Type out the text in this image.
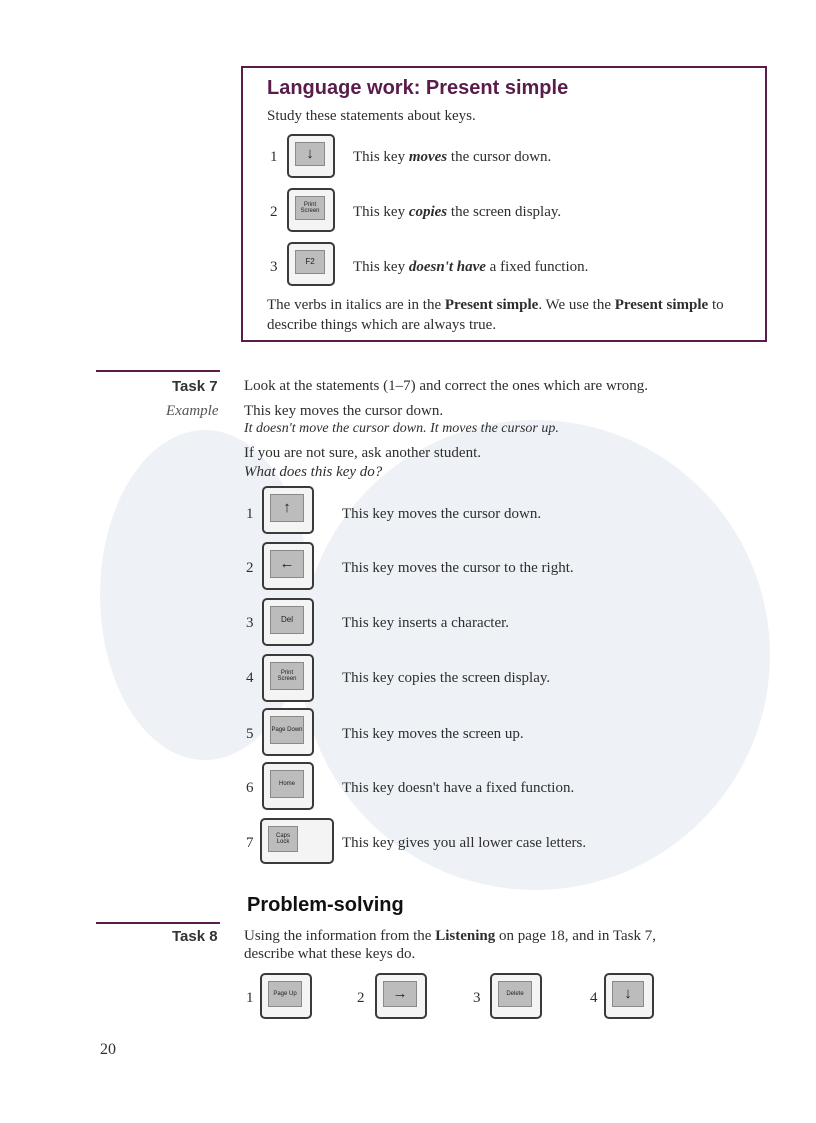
Language work: Present simple
Study these statements about keys.
1	↓	This key moves the cursor down.
2	Print Screen	This key copies the screen display.
3	F2	This key doesn't have a fixed function.
The verbs in italics are in the Present simple. We use the Present simple to describe things which are always true.
Task 7 Look at the statements (1–7) and correct the ones which are wrong.
Example This key moves the cursor down.
It doesn't move the cursor down. It moves the cursor up.
If you are not sure, ask another student.
What does this key do?
1	↑	This key moves the cursor down.
2	←	This key moves the cursor to the right.
3	Del	This key inserts a character.
4	Print Screen	This key copies the screen display.
5	Page Down	This key moves the screen up.
6	Home	This key doesn't have a fixed function.
7	Caps Lock	This key gives you all lower case letters.
Problem-solving
Task 8 Using the information from the Listening on page 18, and in Task 7,
describe what these keys do.
1	Page Up	2	→	3	Delete	4	↓
20
